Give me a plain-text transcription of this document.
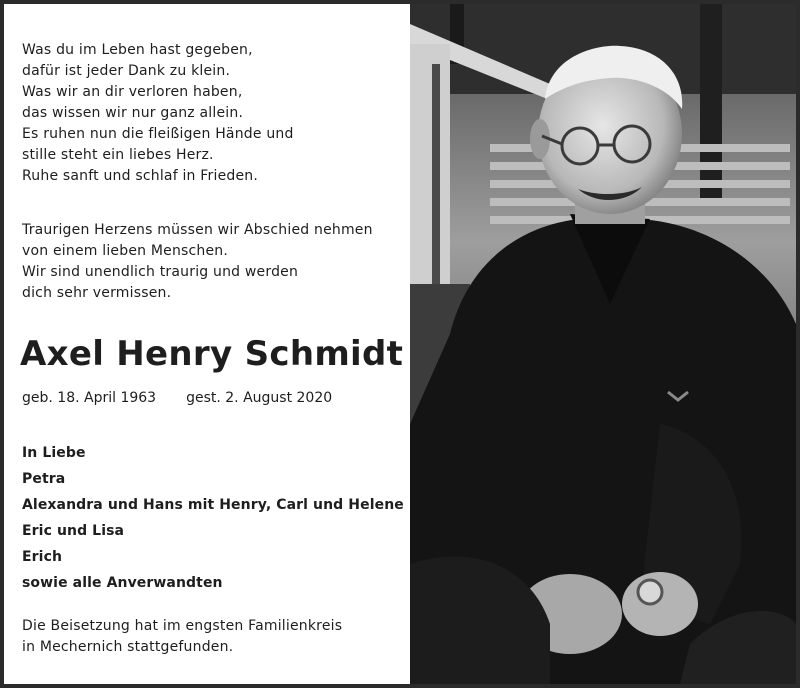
Was du im Leben hast gegeben,
dafür ist jeder Dank zu klein.
Was wir an dir verloren haben,
das wissen wir nur ganz allein.
Es ruhen nun die fleißigen Hände und
stille steht ein liebes Herz.
Ruhe sanft und schlaf in Frieden.
Traurigen Herzens müssen wir Abschied nehmen
von einem lieben Menschen.
Wir sind unendlich traurig und werden
dich sehr vermissen.
Axel Henry Schmidt
geb. 18. April 1963 gest. 2. August 2020
In Liebe
Petra
Alexandra und Hans mit Henry, Carl und Helene
Eric und Lisa
Erich
sowie alle Anverwandten
Die Beisetzung hat im engsten Familienkreis
in Mechernich stattgefunden.
